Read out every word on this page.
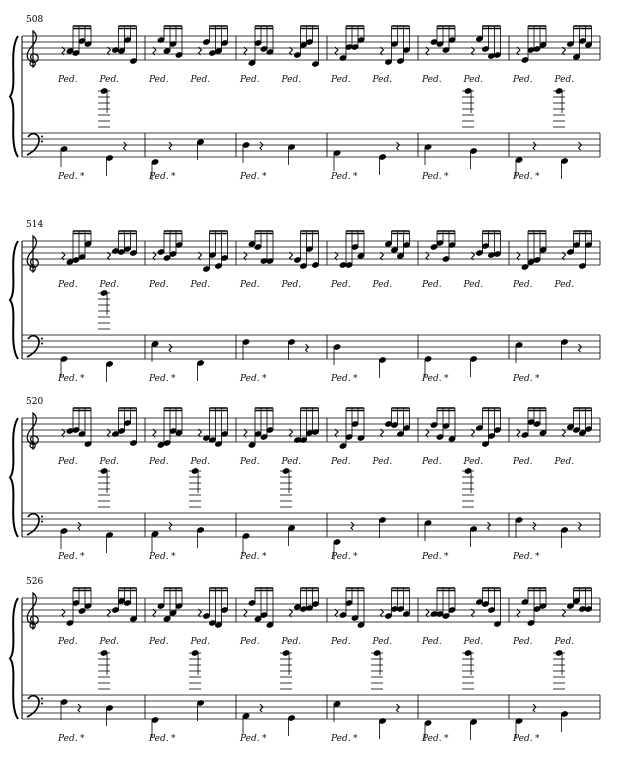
508
Ped. Ped.
Ped. *
Ped. Ped.
Ped. *
Ped. Ped.
Ped. *
Ped. Ped.
Ped. *
Ped. Ped.
Ped. *
Ped. Ped.
Ped. *
514
Ped. Ped.
Ped. *
Ped. Ped.
Ped. *
Ped. Ped.
Ped. *
Ped. Ped.
Ped. *
Ped. Ped.
Ped. *
Ped. Ped.
Ped. *
520
Ped. Ped.
Ped. *
Ped. Ped.
Ped. *
Ped. Ped.
Ped. *
Ped. Ped.
Ped. *
Ped. Ped.
Ped. *
Ped. Ped.
Ped. *
526
Ped. Ped.
Ped. *
Ped. Ped.
Ped. *
Ped. Ped.
Ped. *
Ped. Ped.
Ped. *
Ped. Ped.
Ped. *
Ped. Ped.
Ped. *
